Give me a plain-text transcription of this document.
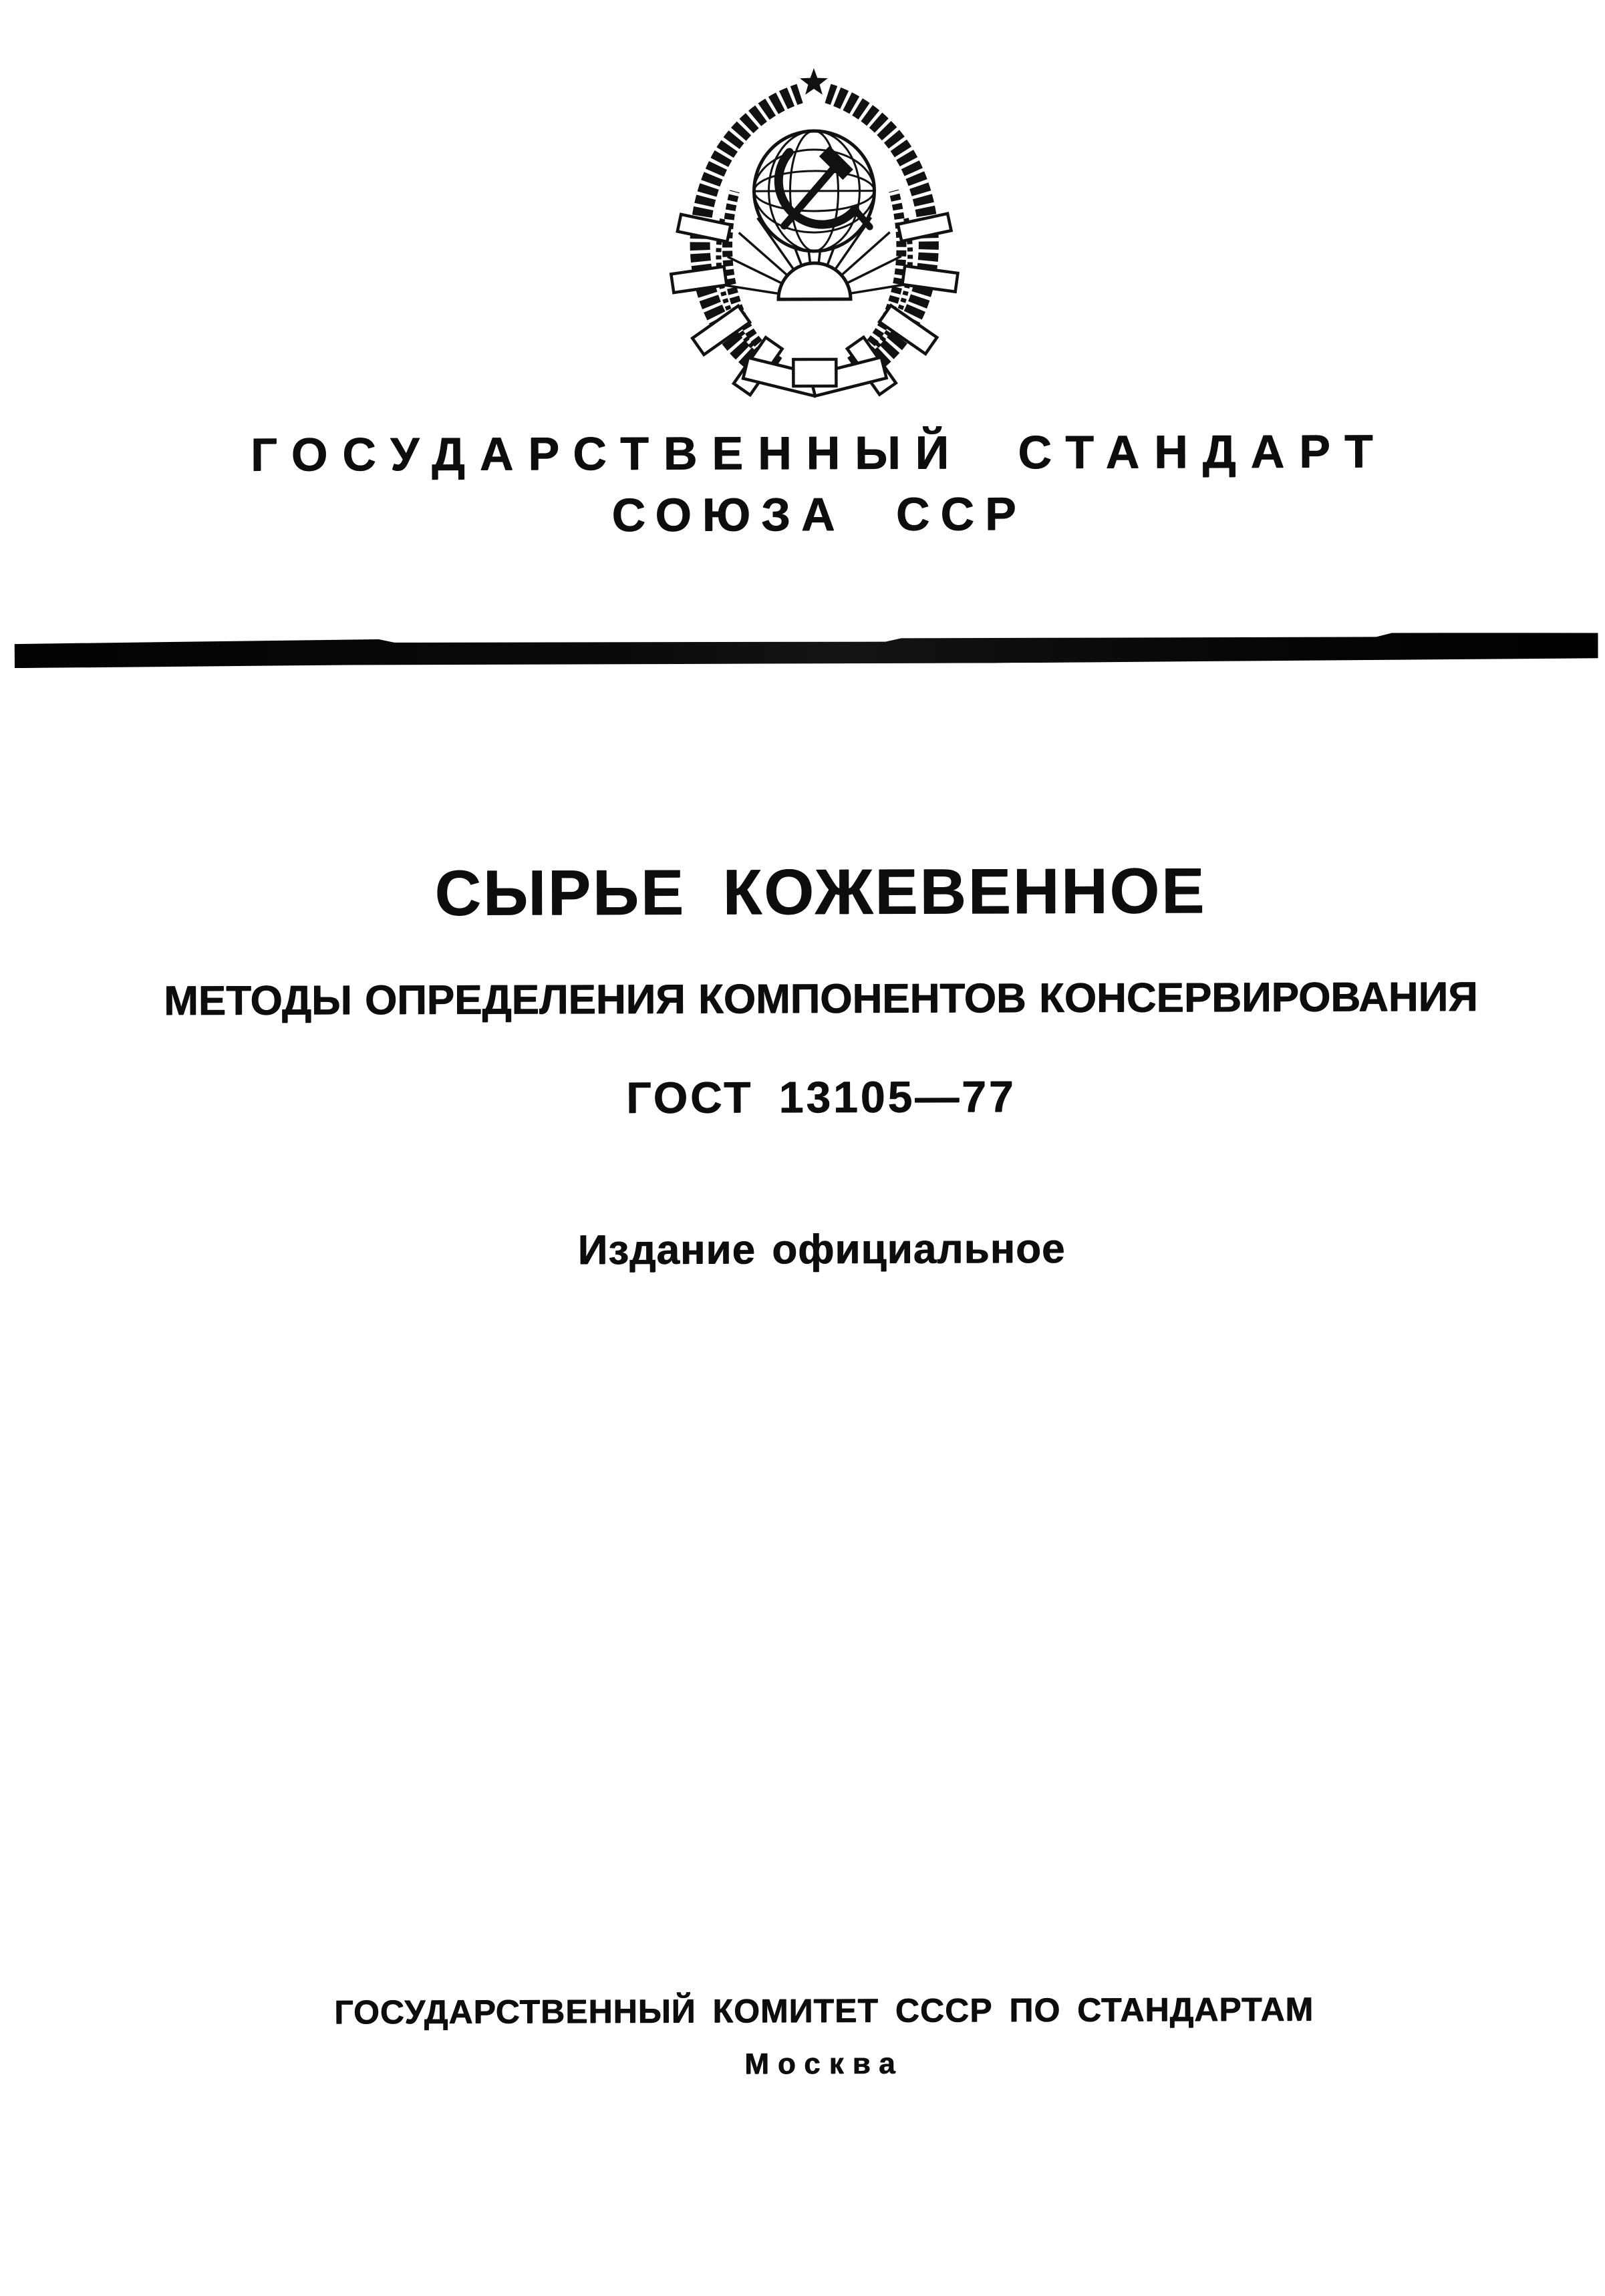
ГОСУДАРСТВЕННЫЙ СТАНДАРТ
СОЮЗА ССР
СЫРЬЕ КОЖЕВЕННОЕ
МЕТОДЫ ОПРЕДЕЛЕНИЯ КОМПОНЕНТОВ КОНСЕРВИРОВАНИЯ
ГОСТ 13105—77
Издание официальное
ГОСУДАРСТВЕННЫЙ КОМИТЕТ СССР ПО СТАНДАРТАМ
Москва
